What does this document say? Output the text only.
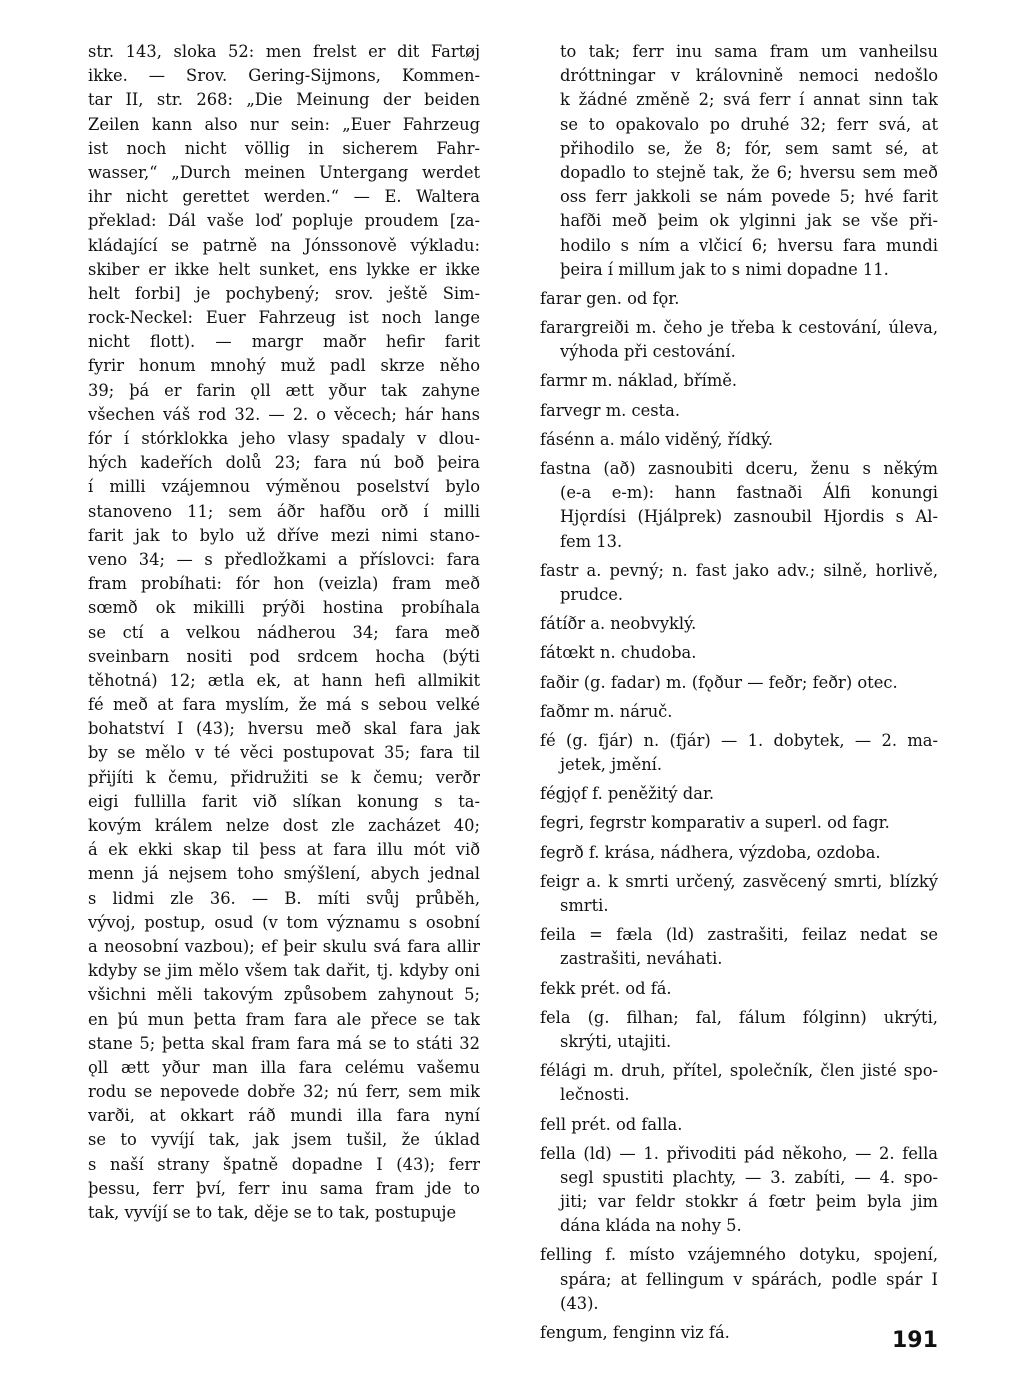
str. 143, sloka 52: men frelst er dit Fartøj
ikke. — Srov. Gering-Sijmons, Kommen-
tar II, str. 268: „Die Meinung der beiden
Zeilen kann also nur sein: „Euer Fahrzeug
ist noch nicht völlig in sicherem Fahr-
wasser,“ „Durch meinen Untergang werdet
ihr nicht gerettet werden.“ — E. Waltera
překlad: Dál vaše loď popluje proudem [za-
kládající se patrně na Jónssonově výkladu:
skiber er ikke helt sunket, ens lykke er ikke
helt forbi] je pochybený; srov. ještě Sim-
rock-Neckel: Euer Fahrzeug ist noch lange
nicht flott). — margr maðr hefir farit
fyrir honum mnohý muž padl skrze něho
39; þá er farin ǫll ætt yður tak zahyne
všechen váš rod 32. — 2. o věcech; hár hans
fór í stórklokka jeho vlasy spadaly v dlou-
hých kadeřích dolů 23; fara nú boð þeira
í milli vzájemnou výměnou poselství bylo
stanoveno 11; sem áðr hafðu orð í milli
farit jak to bylo už dříve mezi nimi stano-
veno 34; — s předložkami a příslovci: fara
fram probíhati: fór hon (veizla) fram með
sœmð ok mikilli prýði hostina probíhala
se ctí a velkou nádherou 34; fara með
sveinbarn nositi pod srdcem hocha (býti
těhotná) 12; ætla ek, at hann hefi allmikit
fé með at fara myslím, že má s sebou velké
bohatství I (43); hversu með skal fara jak
by se mělo v té věci postupovat 35; fara til
přijíti k čemu, přidružiti se k čemu; verðr
eigi fullilla farit við slíkan konung s ta-
kovým králem nelze dost zle zacházet 40;
á ek ekki skap til þess at fara illu mót við
menn já nejsem toho smýšlení, abych jednal
s lidmi zle 36. — B. míti svůj průběh,
vývoj, postup, osud (v tom významu s osobní
a neosobní vazbou); ef þeir skulu svá fara allir
kdyby se jim mělo všem tak dařit, tj. kdyby oni
všichni měli takovým způsobem zahynout 5;
en þú mun þetta fram fara ale přece se tak
stane 5; þetta skal fram fara má se to státi 32
ǫll ætt yður man illa fara celému vašemu
rodu se nepovede dobře 32; nú ferr, sem mik
varði, at okkart ráð mundi illa fara nyní
se to vyvíjí tak, jak jsem tušil, že úklad
s naší strany špatně dopadne I (43); ferr
þessu, ferr því, ferr inu sama fram jde to
tak, vyvíjí se to tak, děje se to tak, postupuje
to tak; ferr inu sama fram um vanheilsu
dróttningar v královnině nemoci nedošlo
k žádné změně 2; svá ferr í annat sinn tak
se to opakovalo po druhé 32; ferr svá, at
přihodilo se, že 8; fór, sem samt sé, at
dopadlo to stejně tak, že 6; hversu sem með
oss ferr jakkoli se nám povede 5; hvé farit
hafði með þeim ok ylginni jak se vše při-
hodilo s ním a vlčicí 6; hversu fara mundi
þeira í millum jak to s nimi dopadne 11.
farar gen. od fǫr.
farargreiði m. čeho je třeba k cestování, úleva,
výhoda při cestování.
farmr m. náklad, břímě.
farvegr m. cesta.
fásénn a. málo viděný, řídký.
fastna (að) zasnoubiti dceru, ženu s někým
(e-a e-m): hann fastnaði Álfi konungi
Hjǫrdísi (Hjálprek) zasnoubil Hjordis s Al-
fem 13.
fastr a. pevný; n. fast jako adv.; silně, horlivě,
prudce.
fátíðr a. neobvyklý.
fátœkt n. chudoba.
faðir (g. fadar) m. (fǫður — feðr; feðr) otec.
faðmr m. náruč.
fé (g. fjár) n. (fjár) — 1. dobytek, — 2. ma-
jetek, jmění.
fégjǫf f. peněžitý dar.
fegri, fegrstr komparativ a superl. od fagr.
fegrð f. krása, nádhera, výzdoba, ozdoba.
feigr a. k smrti určený, zasvěcený smrti, blízký
smrti.
feila = fæla (ld) zastrašiti, feilaz nedat se
zastrašiti, neváhati.
fekk prét. od fá.
fela (g. filhan; fal, fálum fólginn) ukrýti,
skrýti, utajiti.
félági m. druh, přítel, společník, člen jisté spo-
lečnosti.
fell prét. od falla.
fella (ld) — 1. přivoditi pád někoho, — 2. fella
segl spustiti plachty, — 3. zabíti, — 4. spo-
jiti; var feldr stokkr á fœtr þeim byla jim
dána kláda na nohy 5.
felling f. místo vzájemného dotyku, spojení,
spára; at fellingum v spárách, podle spár I
(43).
fengum, fenginn viz fá.	191
